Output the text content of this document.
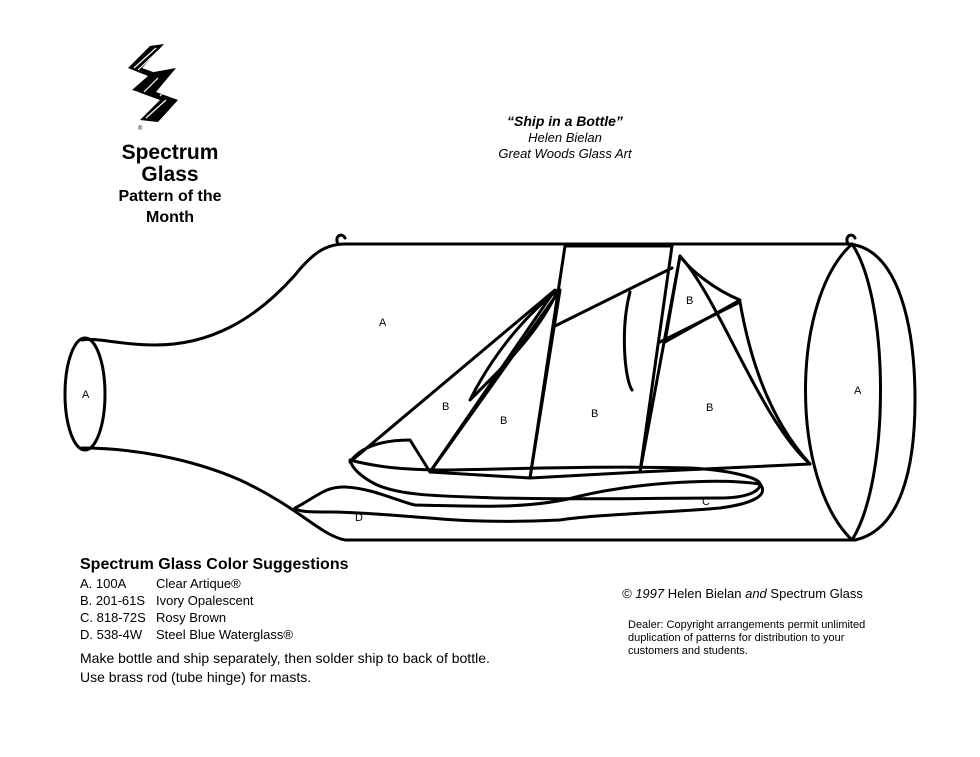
®
Spectrum
Glass
Pattern of the
Month
“Ship in a Bottle”
Helen Bielan
Great Woods Glass Art
A
A
A
B
B
B	B
B
C
D
Spectrum Glass Color Suggestions
A. 100A	Clear Artique®
B. 201-61S Ivory Opalescent
C. 818-72S Rosy Brown
D. 538-4W	Steel Blue Waterglass®
Make bottle and ship separately, then solder ship to back of bottle.
Use brass rod (tube hinge) for masts.
© 1997 Helen Bielan and Spectrum Glass
Dealer: Copyright arrangements permit unlimited duplication of patterns for distribution to your customers and students.
